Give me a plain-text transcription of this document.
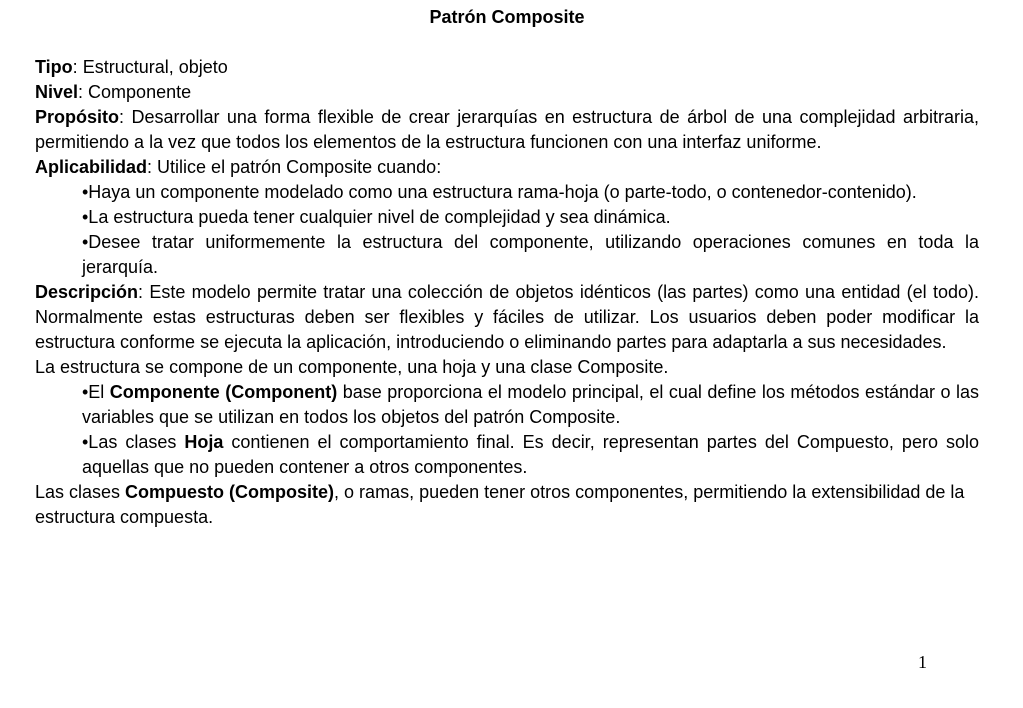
Patrón Composite

Tipo: Estructural, objeto

Nivel: Componente

Propósito: Desarrollar una forma flexible de crear jerarquías en estructura de árbol de una complejidad arbitraria, permitiendo a la vez que todos los elementos de la estructura funcionen con una interfaz uniforme.

Aplicabilidad: Utilice el patrón Composite cuando:

•Haya un componente modelado como una estructura rama-hoja (o parte-todo, o contenedor-contenido).

•La estructura pueda tener cualquier nivel de complejidad y sea dinámica.

•Desee tratar uniformemente la estructura del componente, utilizando operaciones comunes en toda la jerarquía.

Descripción: Este modelo permite tratar una colección de objetos idénticos (las partes) como una entidad (el todo). Normalmente estas estructuras deben ser flexibles y fáciles de utilizar. Los usuarios deben poder modificar la estructura conforme se ejecuta la aplicación, introduciendo o eliminando partes para adaptarla a sus necesidades.

La estructura se compone de un componente, una hoja y una clase Composite.

•El Componente (Component) base proporciona el modelo principal, el cual define los métodos estándar o las variables que se utilizan en todos los objetos del patrón Composite.

•Las clases Hoja contienen el comportamiento final. Es decir, representan partes del Compuesto, pero solo aquellas que no pueden contener a otros componentes.

Las clases Compuesto (Composite), o ramas, pueden tener otros componentes, permitiendo la extensibilidad de la estructura compuesta.

1
